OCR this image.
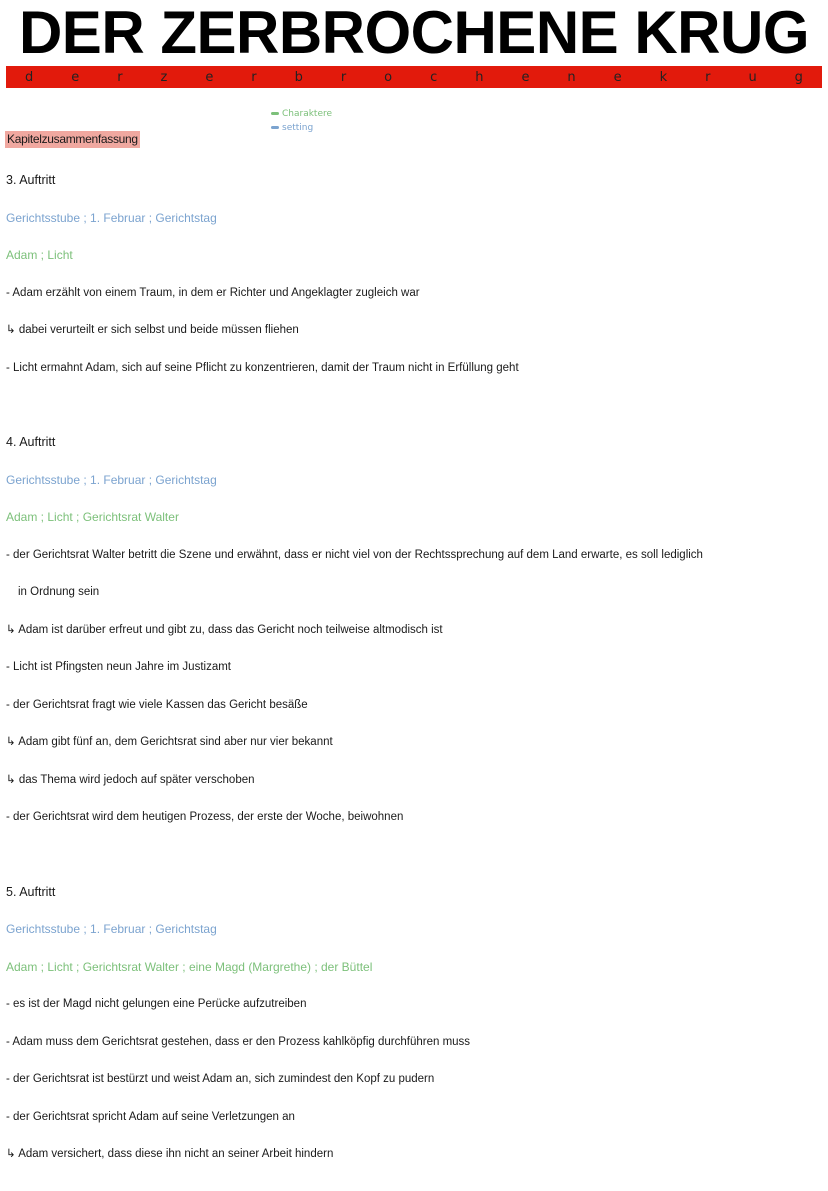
DER ZERBROCHENE KRUG
d	e	r	z	e	r	b	r	o	c	h	e	n	e	k	r	u	g
Charaktere
setting
Kapitelzusammenfassung
3. Auftritt
Gerichtsstube ; 1. Februar ; Gerichtstag
Adam ; Licht
- Adam erzählt von einem Traum, in dem er Richter und Angeklagter zugleich war
↳ dabei verurteilt er sich selbst und beide müssen fliehen
- Licht ermahnt Adam, sich auf seine Pflicht zu konzentrieren, damit der Traum nicht in Erfüllung geht
4. Auftritt
Gerichtsstube ; 1. Februar ; Gerichtstag
Adam ; Licht ; Gerichtsrat Walter
- der Gerichtsrat Walter betritt die Szene und erwähnt, dass er nicht viel von der Rechtssprechung auf dem Land erwarte, es soll lediglich
in Ordnung sein
↳ Adam ist darüber erfreut und gibt zu, dass das Gericht noch teilweise altmodisch ist
- Licht ist Pfingsten neun Jahre im Justizamt
- der Gerichtsrat fragt wie viele Kassen das Gericht besäße
↳ Adam gibt fünf an, dem Gerichtsrat sind aber nur vier bekannt
↳ das Thema wird jedoch auf später verschoben
- der Gerichtsrat wird dem heutigen Prozess, der erste der Woche, beiwohnen
5. Auftritt
Gerichtsstube ; 1. Februar ; Gerichtstag
Adam ; Licht ; Gerichtsrat Walter ; eine Magd (Margrethe) ; der Büttel
- es ist der Magd nicht gelungen eine Perücke aufzutreiben
- Adam muss dem Gerichtsrat gestehen, dass er den Prozess kahlköpfig durchführen muss
- der Gerichtsrat ist bestürzt und weist Adam an, sich zumindest den Kopf zu pudern
- der Gerichtsrat spricht Adam auf seine Verletzungen an
↳ Adam versichert, dass diese ihn nicht an seiner Arbeit hindern
